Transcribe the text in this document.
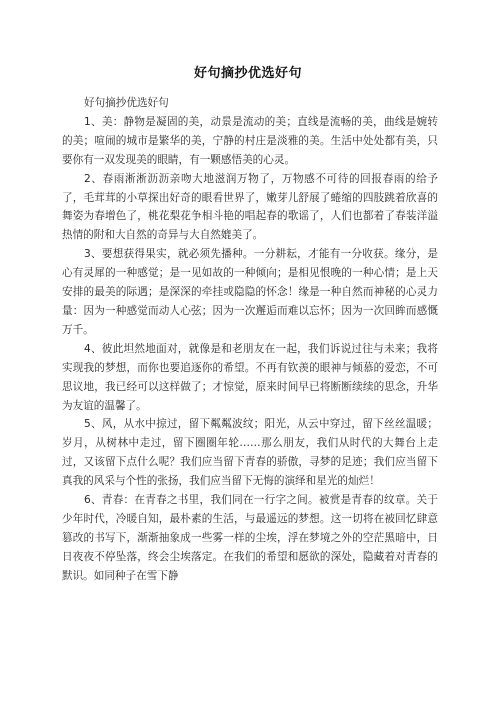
好句摘抄优选好句

好句摘抄优选好句

1、美：静物是凝固的美，动景是流动的美；直线是流畅的美，曲线是婉转的美；喧闹的城市是繁华的美，宁静的村庄是淡雅的美。生活中处处都有美，只要你有一双发现美的眼睛，有一颗感悟美的心灵。

2、春雨淅淅沥沥亲吻大地滋润万物了，万物感不可待的回报春雨的给予了，毛茸茸的小草探出好奇的眼看世界了，嫩芽儿舒展了蜷缩的四肢跳着欣喜的舞姿为春增色了，桃花梨花争相斗艳的唱起春的歌谣了，人们也都着了春装洋溢热情的附和大自然的奇异与大自然媲美了。

3、要想获得果实，就必须先播种。一分耕耘，才能有一分收获。缘分，是心有灵犀的一种感觉；是一见如故的一种倾向；是相见恨晚的一种心情；是上天安排的最美的际遇；是深深的牵挂或隐隐的怀念！缘是一种自然而神秘的心灵力量：因为一种感觉而动人心弦；因为一次邂逅而难以忘怀；因为一次回眸而感慨万千。

4、彼此坦然地面对，就像是和老朋友在一起，我们诉说过往与未来；我将实现我的梦想，而你也要追逐你的希望。不再有钦羡的眼神与倾慕的爱恋，不可思议地，我已经可以这样做了；才惊觉，原来时间早已将断断续续的思念，升华为友谊的温馨了。

5、风，从水中掠过，留下粼粼波纹；阳光，从云中穿过，留下丝丝温暖；岁月，从树林中走过，留下圈圈年轮……那么朋友，我们从时代的大舞台上走过，又该留下点什么呢？我们应当留下青春的骄傲，寻梦的足迹；我们应当留下真我的风采与个性的张扬，我们应当留下无悔的演绎和星光的灿烂！

6、青春：在青春之书里，我们同在一行字之间。被赏是青春的纹章。关于少年时代，冷暖自知，最朴素的生活，与最遥远的梦想。这一切将在被回忆肆意篡改的书写下，渐渐抽象成一些雾一样的尘埃，浮在梦境之外的空茫黑暗中，日日夜夜不停坠落，终会尘埃落定。在我们的希望和愿欲的深处，隐藏着对青春的默识。如同种子在雪下静
